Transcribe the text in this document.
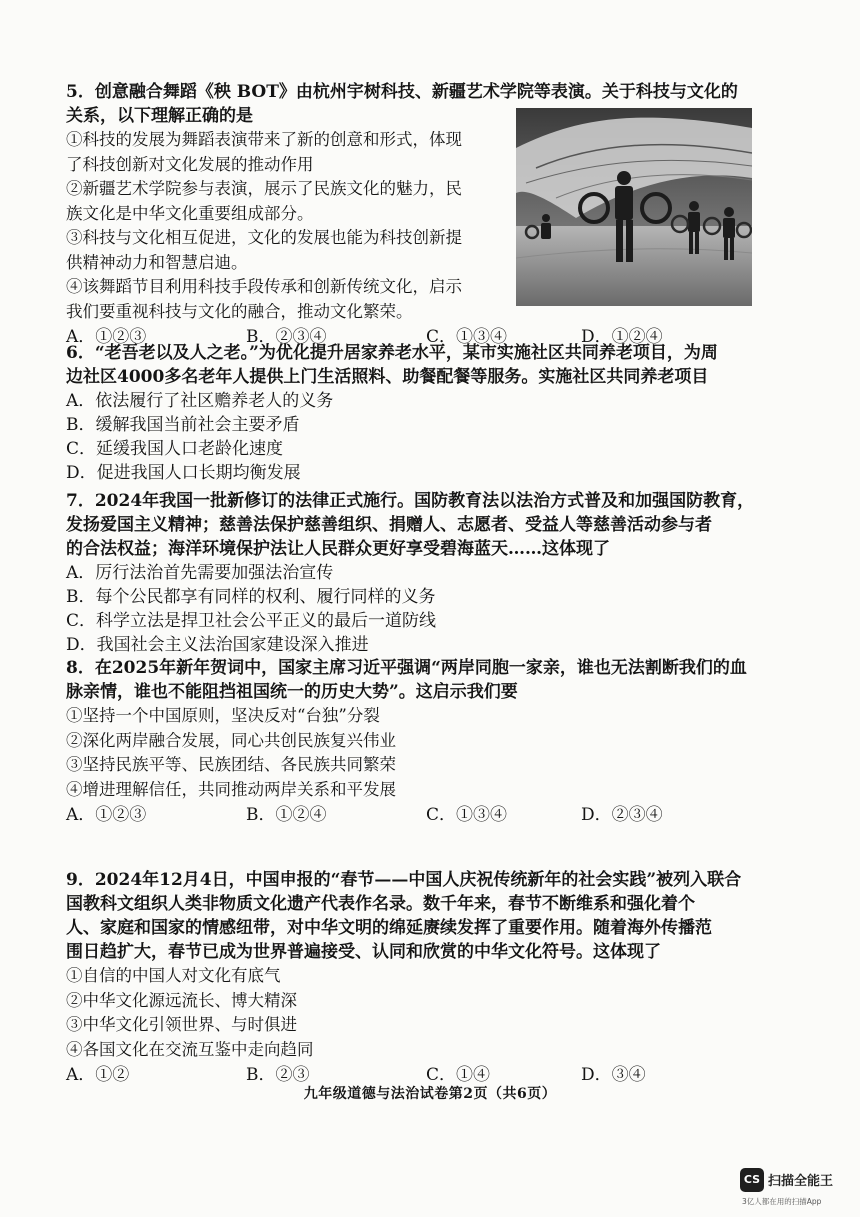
5．创意融合舞蹈《秧 BOT》由杭州宇树科技、新疆艺术学院等表演。关于科技与文化的

关系，以下理解正确的是

①科技的发展为舞蹈表演带来了新的创意和形式，体现
了科技创新对文化发展的推动作用
②新疆艺术学院参与表演，展示了民族文化的魅力，民
族文化是中华文化重要组成部分。
③科技与文化相互促进，文化的发展也能为科技创新提
供精神动力和智慧启迪。
④该舞蹈节目利用科技手段传承和创新传统文化，启示
我们要重视科技与文化的融合，推动文化繁荣。
A．①②③	B．②③④	C．①③④	D．①②④

6．“老吾老以及人之老。”为优化提升居家养老水平，某市实施社区共同养老项目，为周

边社区4000多名老年人提供上门生活照料、助餐配餐等服务。实施社区共同养老项目

A．依法履行了社区赡养老人的义务

B．缓解我国当前社会主要矛盾

C．延缓我国人口老龄化速度

D．促进我国人口长期均衡发展

7．2024年我国一批新修订的法律正式施行。国防教育法以法治方式普及和加强国防教育，

发扬爱国主义精神；慈善法保护慈善组织、捐赠人、志愿者、受益人等慈善活动参与者

的合法权益；海洋环境保护法让人民群众更好享受碧海蓝天……这体现了

A．厉行法治首先需要加强法治宣传

B．每个公民都享有同样的权利、履行同样的义务

C．科学立法是捍卫社会公平正义的最后一道防线

D．我国社会主义法治国家建设深入推进

8．在2025年新年贺词中，国家主席习近平强调“两岸同胞一家亲，谁也无法割断我们的血

脉亲情，谁也不能阻挡祖国统一的历史大势”。这启示我们要

①坚持一个中国原则，坚决反对“台独”分裂
②深化两岸融合发展，同心共创民族复兴伟业
③坚持民族平等、民族团结、各民族共同繁荣
④增进理解信任，共同推动两岸关系和平发展
A．①②③	B．①②④	C．①③④	D．②③④

9．2024年12月4日，中国申报的“春节——中国人庆祝传统新年的社会实践”被列入联合

国教科文组织人类非物质文化遗产代表作名录。数千年来，春节不断维系和强化着个

人、家庭和国家的情感纽带，对中华文明的绵延赓续发挥了重要作用。随着海外传播范

围日趋扩大，春节已成为世界普遍接受、认同和欣赏的中华文化符号。这体现了

①自信的中国人对文化有底气
②中华文化源远流长、博大精深
③中华文化引领世界、与时俱进
④各国文化在交流互鉴中走向趋同
A．①②	B．②③	C．①④	D．③④
九年级道德与法治试卷第2页（共6页）
CS 扫描全能王
3亿人都在用的扫描App
